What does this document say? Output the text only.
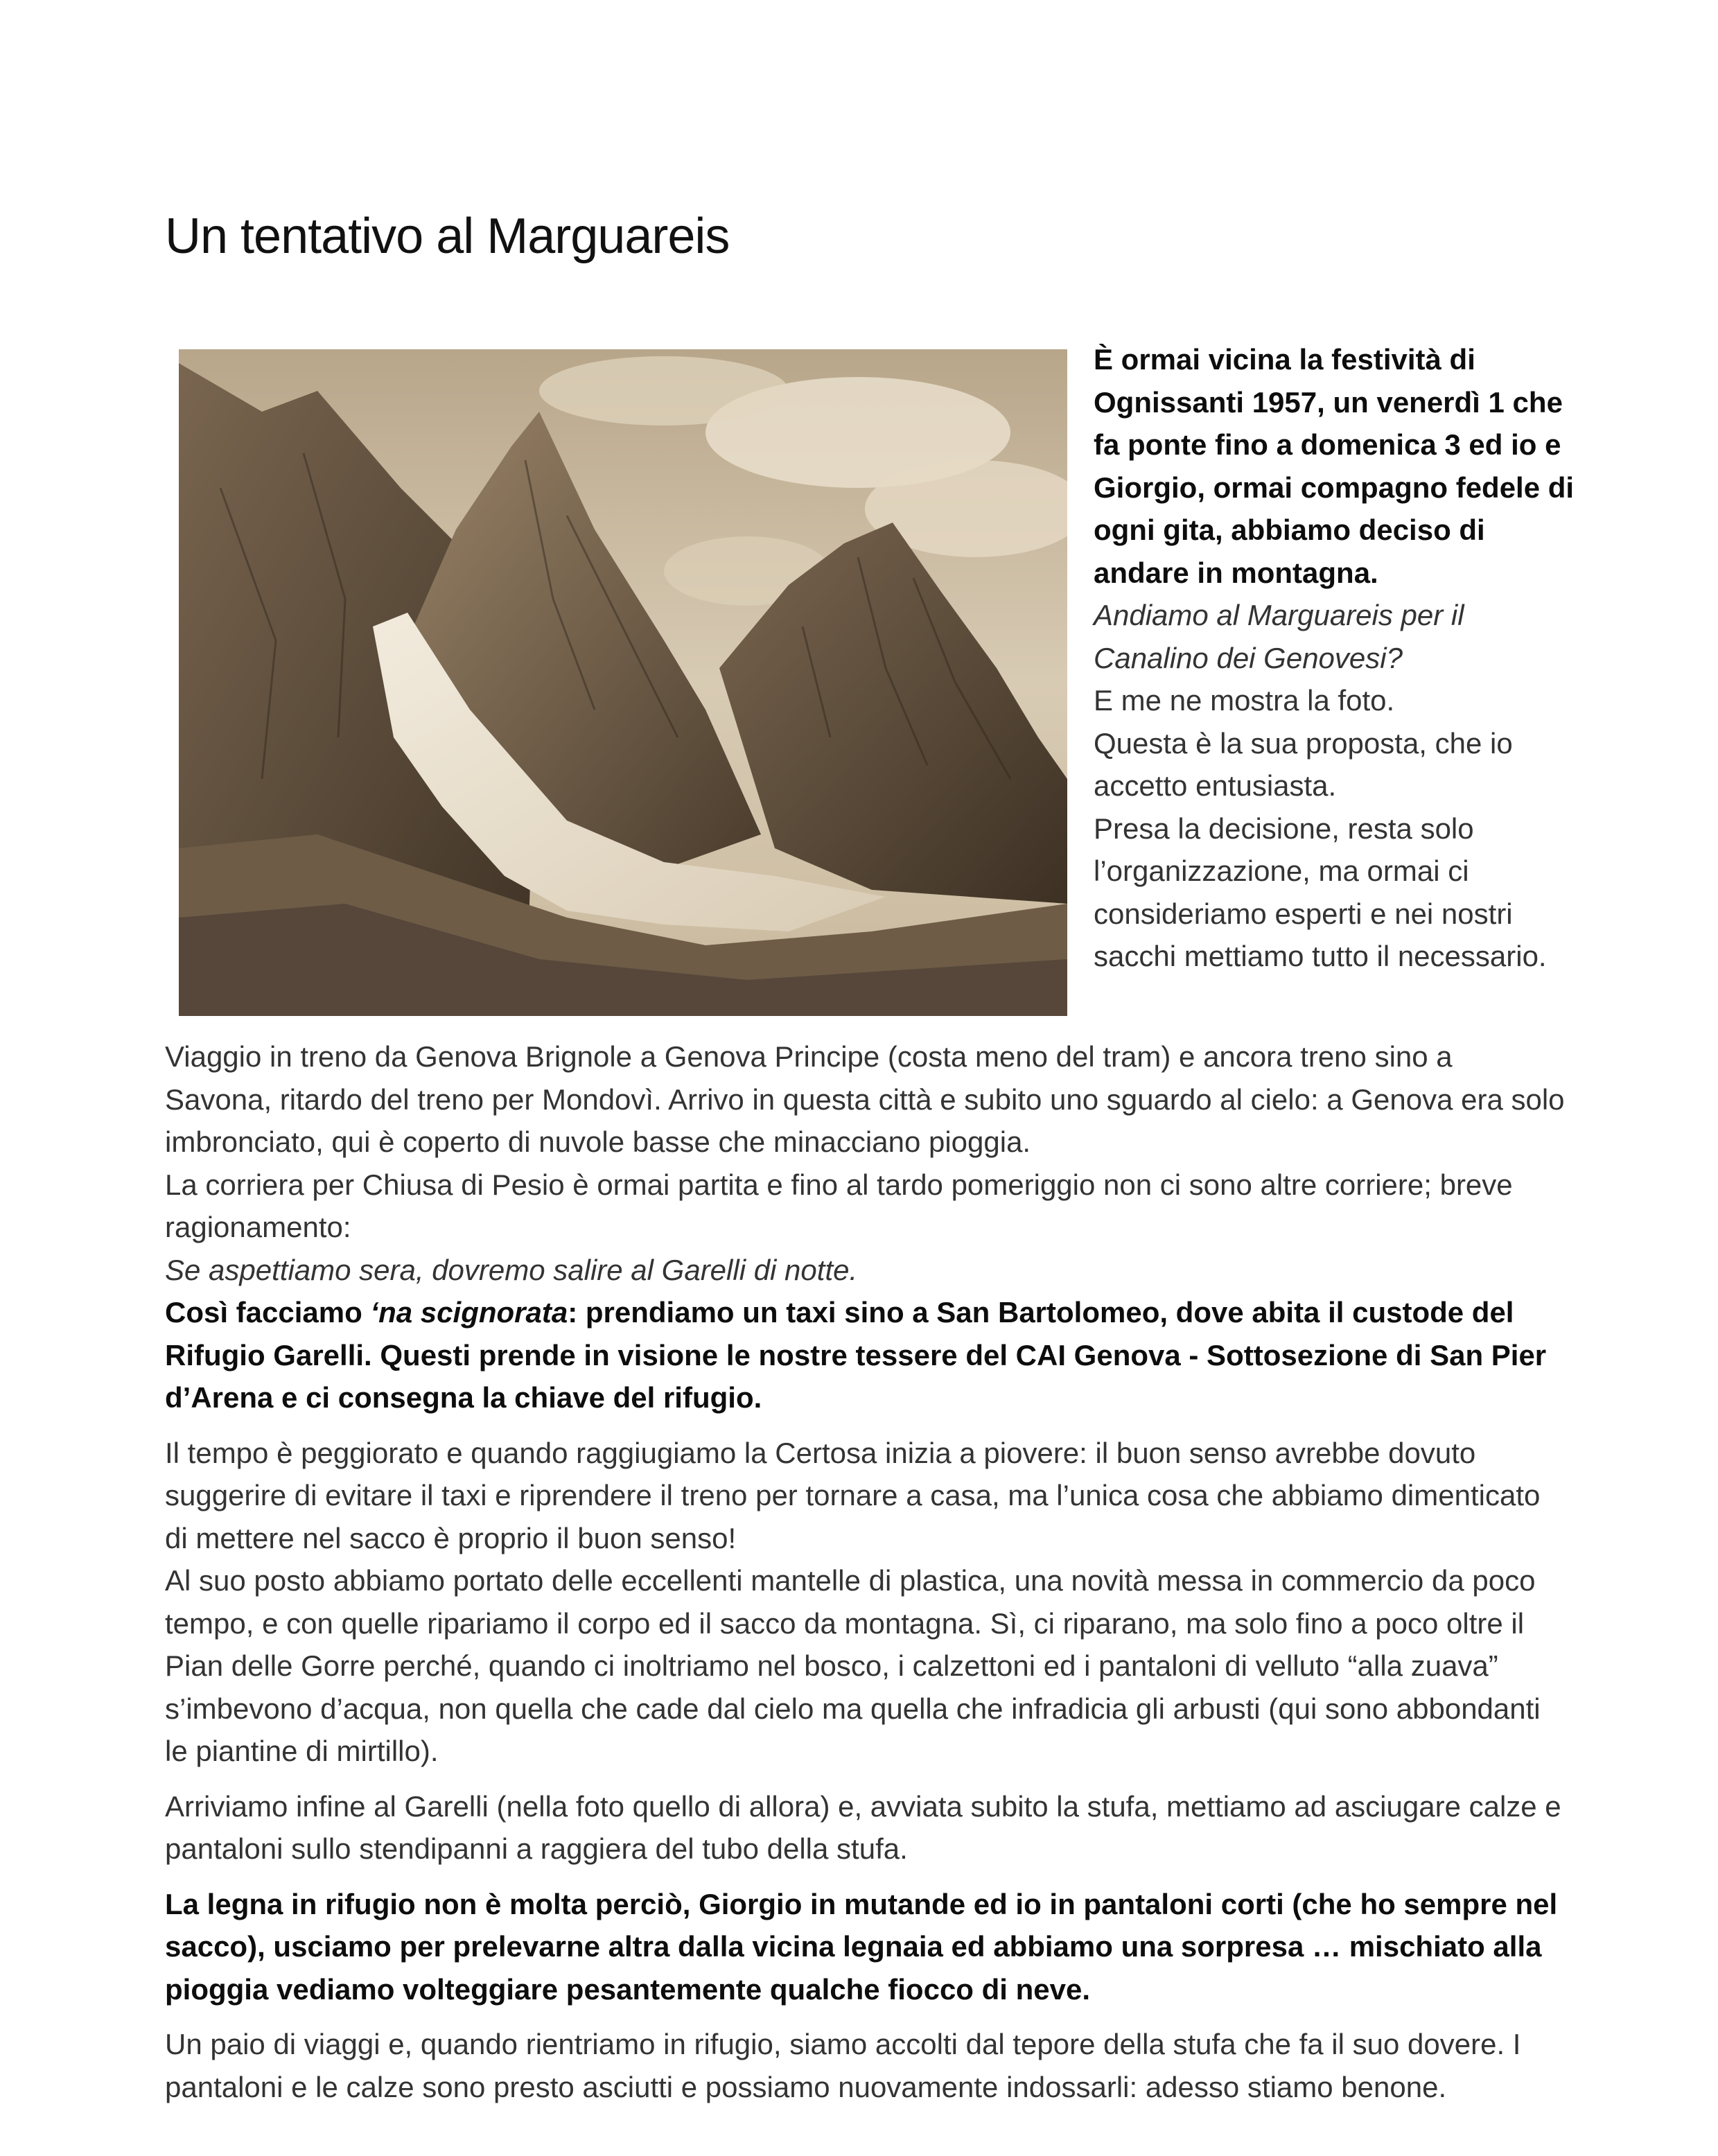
Un tentativo al Marguareis

È ormai vicina la festività di Ognissanti 1957, un venerdì 1 che fa ponte fino a domenica 3 ed io e Giorgio, ormai compagno fedele di ogni gita, abbiamo deciso di andare in montagna.

Andiamo al Marguareis per il Canalino dei Genovesi?

E me ne mostra la foto.

Questa è la sua proposta, che io accetto entusiasta.

Presa la decisione, resta solo l’organizzazione, ma ormai ci consideriamo esperti e nei nostri sacchi mettiamo tutto il necessario.

Viaggio in treno da Genova Brignole a Genova Principe (costa meno del tram) e ancora treno sino a Savona, ritardo del treno per Mondovì. Arrivo in questa città e subito uno sguardo al cielo: a Genova era solo imbronciato, qui è coperto di nuvole basse che minacciano pioggia.

La corriera per Chiusa di Pesio è ormai partita e fino al tardo pomeriggio non ci sono altre corriere; breve ragionamento:

Se aspettiamo sera, dovremo salire al Garelli di notte.

Così facciamo ‘na scignorata: prendiamo un taxi sino a San Bartolomeo, dove abita il custode del Rifugio Garelli. Questi prende in visione le nostre tessere del CAI Genova - Sottosezione di San Pier d’Arena e ci consegna la chiave del rifugio.

Il tempo è peggiorato e quando raggiugiamo la Certosa inizia a piovere: il buon senso avrebbe dovuto suggerire di evitare il taxi e riprendere il treno per tornare a casa, ma l’unica cosa che abbiamo dimenticato di mettere nel sacco è proprio il buon senso!

Al suo posto abbiamo portato delle eccellenti mantelle di plastica, una novità messa in commercio da poco tempo, e con quelle ripariamo il corpo ed il sacco da montagna. Sì, ci riparano, ma solo fino a poco oltre il Pian delle Gorre perché, quando ci inoltriamo nel bosco, i calzettoni ed i pantaloni di velluto “alla zuava” s’imbevono d’acqua, non quella che cade dal cielo ma quella che infradicia gli arbusti (qui sono abbondanti le piantine di mirtillo).

Arriviamo infine al Garelli (nella foto quello di allora) e, avviata subito la stufa, mettiamo ad asciugare calze e pantaloni sullo stendipanni a raggiera del tubo della stufa.

La legna in rifugio non è molta perciò, Giorgio in mutande ed io in pantaloni corti (che ho sempre nel sacco), usciamo per prelevarne altra dalla vicina legnaia ed abbiamo una sorpresa … mischiato alla pioggia vediamo volteggiare pesantemente qualche fiocco di neve.

Un paio di viaggi e, quando rientriamo in rifugio, siamo accolti dal tepore della stufa che fa il suo dovere. I pantaloni e le calze sono presto asciutti e possiamo nuovamente indossarli: adesso stiamo benone.
